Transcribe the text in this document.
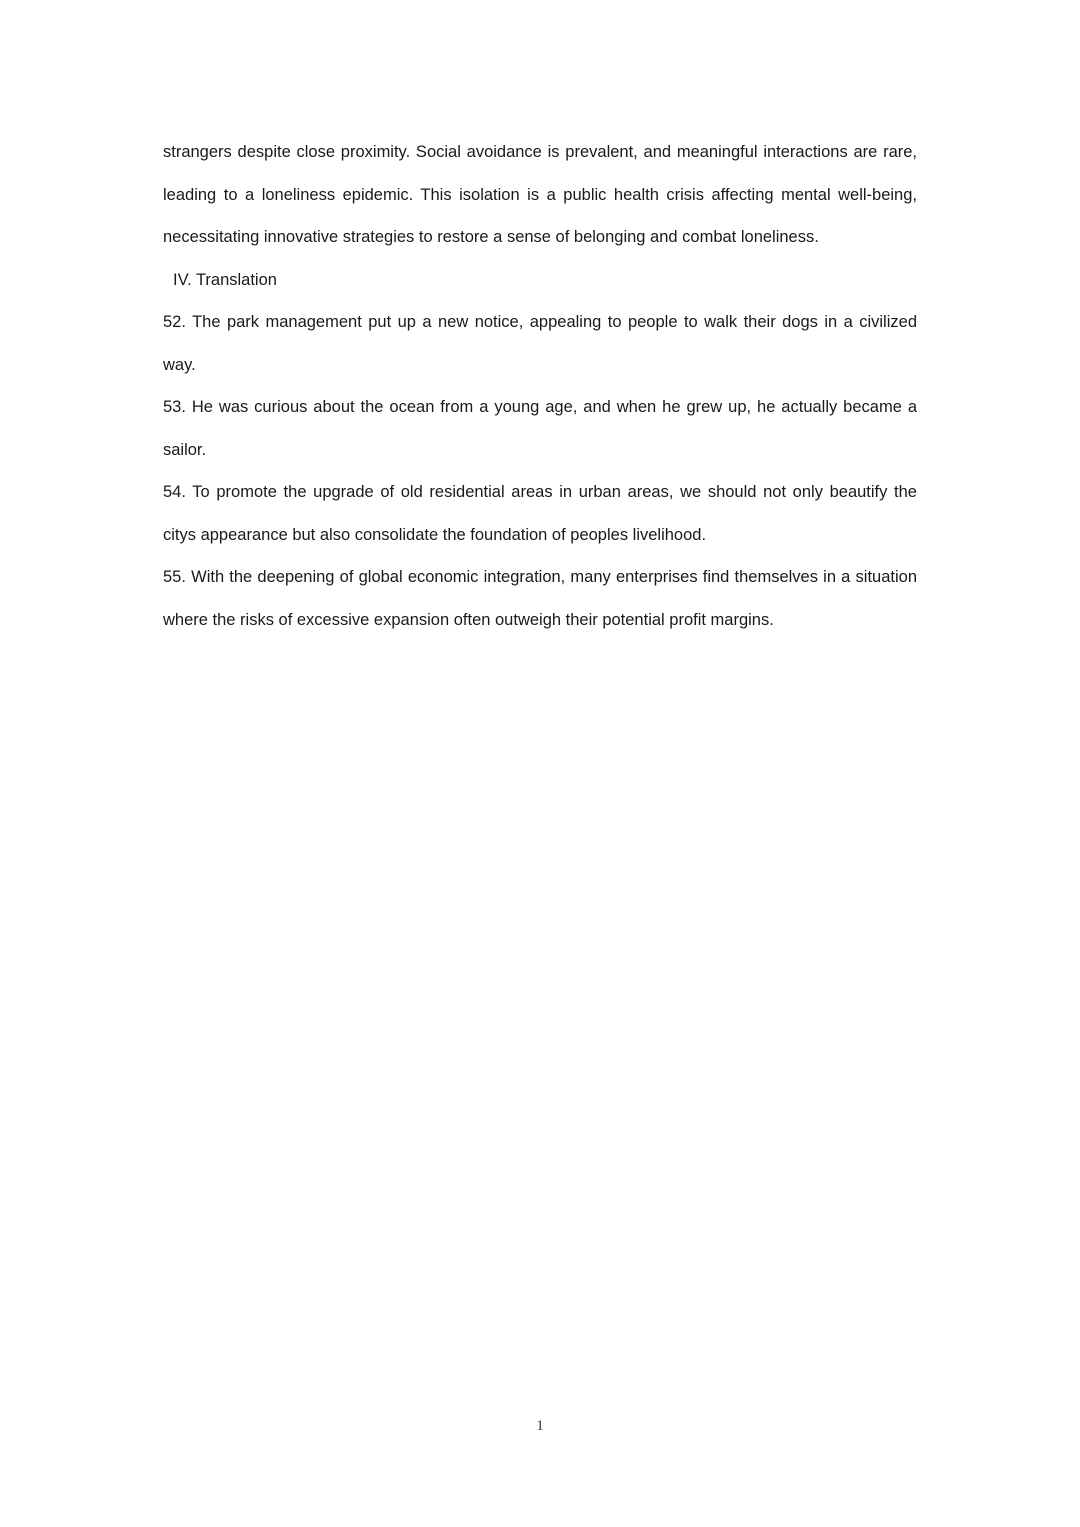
strangers despite close proximity. Social avoidance is prevalent, and meaningful interactions are rare, leading to a loneliness epidemic. This isolation is a public health crisis affecting mental well-being, necessitating innovative strategies to restore a sense of belonging and combat loneliness.

IV. Translation

52. The park management put up a new notice, appealing to people to walk their dogs in a civilized way.

53. He was curious about the ocean from a young age, and when he grew up, he actually became a sailor.

54. To promote the upgrade of old residential areas in urban areas, we should not only beautify the citys appearance but also consolidate the foundation of peoples livelihood.

55. With the deepening of global economic integration, many enterprises find themselves in a situation where the risks of excessive expansion often outweigh their potential profit margins.

1
